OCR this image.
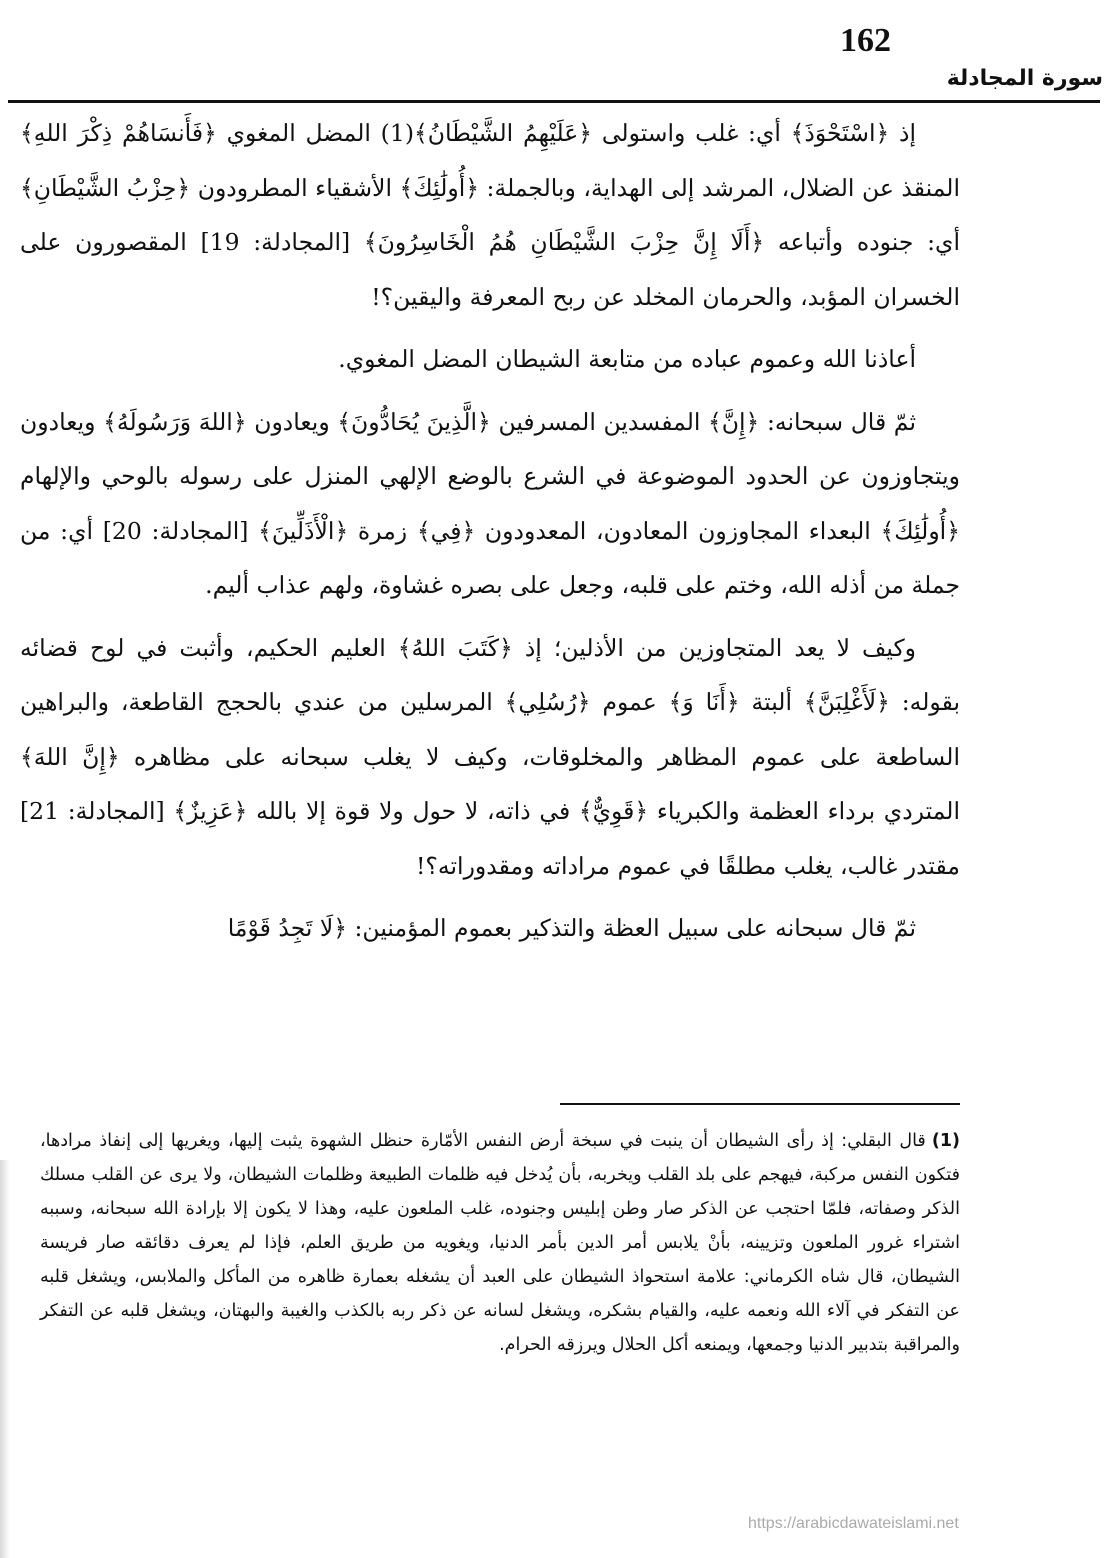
162
سورة المجادلة

إذ ﴿اسْتَحْوَذَ﴾ أي: غلب واستولى ﴿عَلَيْهِمُ الشَّيْطَانُ﴾(1) المضل المغوي ﴿فَأَنسَاهُمْ ذِكْرَ اللهِ﴾ المنقذ عن الضلال، المرشد إلى الهداية، وبالجملة: ﴿أُولَٰئِكَ﴾ الأشقياء المطرودون ﴿حِزْبُ الشَّيْطَانِ﴾ أي: جنوده وأتباعه ﴿أَلَا إِنَّ حِزْبَ الشَّيْطَانِ هُمُ الْخَاسِرُونَ﴾ [المجادلة: 19] المقصورون على الخسران المؤبد، والحرمان المخلد عن ربح المعرفة واليقين؟!

أعاذنا الله وعموم عباده من متابعة الشيطان المضل المغوي.

ثمّ قال سبحانه: ﴿إِنَّ﴾ المفسدين المسرفين ﴿الَّذِينَ يُحَادُّونَ﴾ ويعادون ﴿اللهَ وَرَسُولَهُ﴾ ويعادون ويتجاوزون عن الحدود الموضوعة في الشرع بالوضع الإلهي المنزل على رسوله بالوحي والإلهام ﴿أُولَٰئِكَ﴾ البعداء المجاوزون المعادون، المعدودون ﴿فِي﴾ زمرة ﴿الْأَذَلِّينَ﴾ [المجادلة: 20] أي: من جملة من أذله الله، وختم على قلبه، وجعل على بصره غشاوة، ولهم عذاب أليم.

وكيف لا يعد المتجاوزين من الأذلين؛ إذ ﴿كَتَبَ اللهُ﴾ العليم الحكيم، وأثبت في لوح قضائه بقوله: ﴿لَأَغْلِبَنَّ﴾ ألبتة ﴿أَنَا وَ﴾ عموم ﴿رُسُلِي﴾ المرسلين من عندي بالحجج القاطعة، والبراهين الساطعة على عموم المظاهر والمخلوقات، وكيف لا يغلب سبحانه على مظاهره ﴿إِنَّ اللهَ﴾ المتردي برداء العظمة والكبرياء ﴿قَوِيٌّ﴾ في ذاته، لا حول ولا قوة إلا بالله ﴿عَزِيزٌ﴾ [المجادلة: 21] مقتدر غالب، يغلب مطلقًا في عموم مراداته ومقدوراته؟!

ثمّ قال سبحانه على سبيل العظة والتذكير بعموم المؤمنين: ﴿لَا تَجِدُ قَوْمًا

(1)قال البقلي: إذ رأى الشيطان أن ينبت في سبخة أرض النفس الأمّارة حنظل الشهوة يثبت إليها، ويغريها إلى إنفاذ مرادها، فتكون النفس مركبة، فيهجم على بلد القلب ويخربه، بأن يُدخل فيه ظلمات الطبيعة وظلمات الشيطان، ولا يرى عن القلب مسلك الذكر وصفاته، فلمّا احتجب عن الذكر صار وطن إبليس وجنوده، غلب الملعون عليه، وهذا لا يكون إلا بإرادة الله سبحانه، وسببه اشتراء غرور الملعون وتزيينه، بأنْ يلابس أمر الدين بأمر الدنيا، ويغويه من طريق العلم، فإذا لم يعرف دقائقه صار فريسة الشيطان، قال شاه الكرماني: علامة استحواذ الشيطان على العبد أن يشغله بعمارة ظاهره من المأكل والملابس، ويشغل قلبه عن التفكر في آلاء الله ونعمه عليه، والقيام بشكره، ويشغل لسانه عن ذكر ربه بالكذب والغيبة والبهتان، ويشغل قلبه عن التفكر والمراقبة بتدبير الدنيا وجمعها، ويمنعه أكل الحلال ويرزقه الحرام.
https://arabicdawateislami.net
